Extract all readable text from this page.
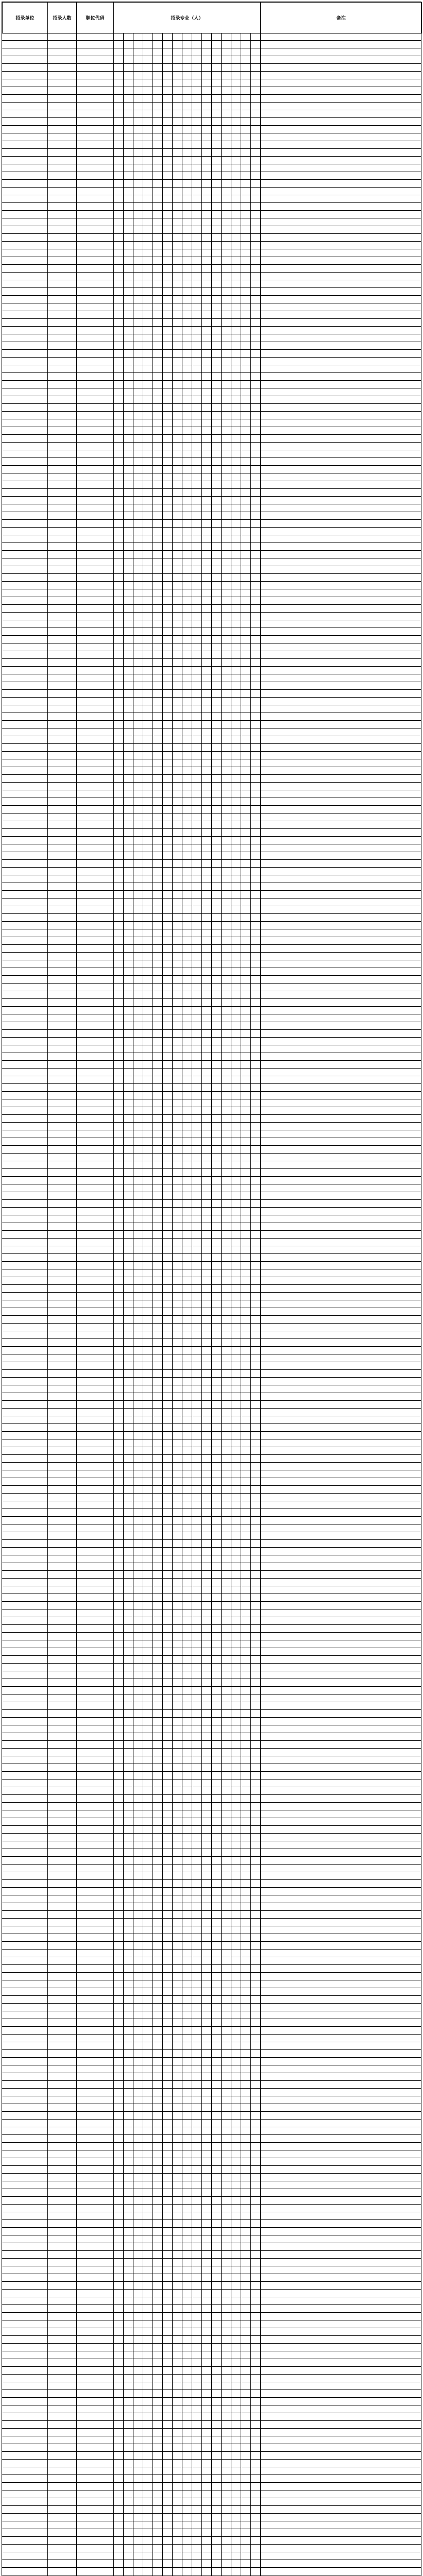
招录单位	招录人数	职位代码	招录专业（人）	备注
